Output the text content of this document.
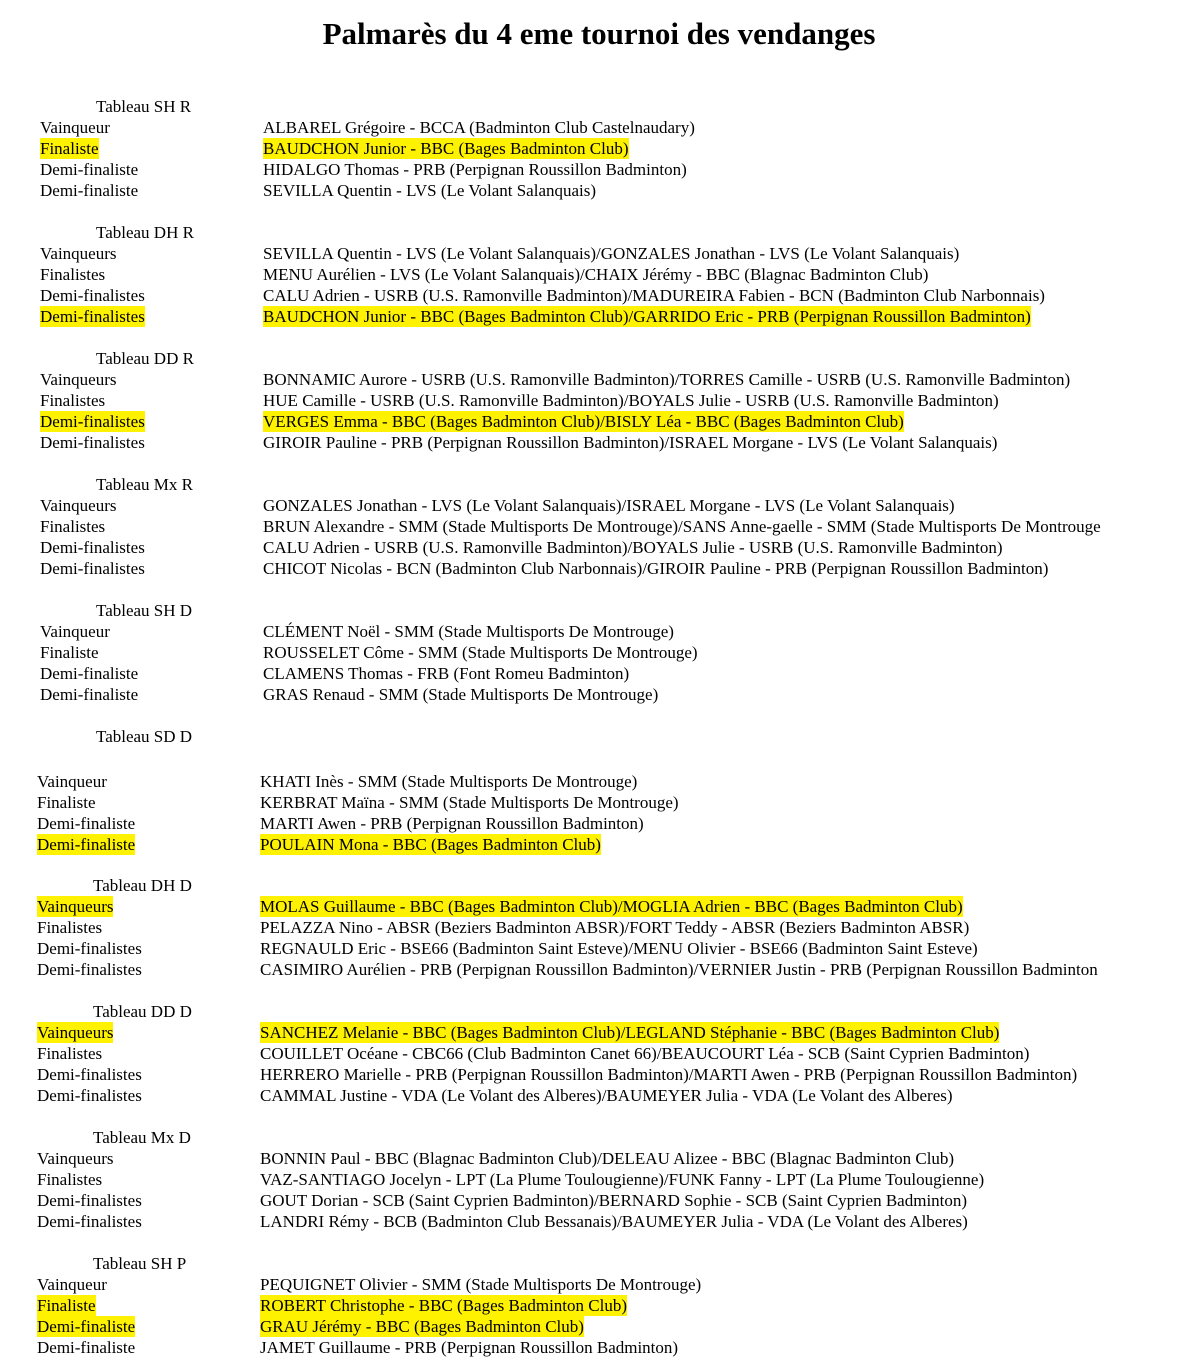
Palmarès du 4 eme tournoi des vendanges
Tableau SH R
Vainqueur	ALBAREL Grégoire - BCCA (Badminton Club Castelnaudary)
Finaliste	BAUDCHON Junior - BBC (Bages Badminton Club)
Demi-finaliste	HIDALGO Thomas - PRB (Perpignan Roussillon Badminton)
Demi-finaliste	SEVILLA Quentin - LVS (Le Volant Salanquais)
Tableau DH R
Vainqueurs	SEVILLA Quentin - LVS (Le Volant Salanquais)/GONZALES Jonathan - LVS (Le Volant Salanquais)
Finalistes	MENU Aurélien - LVS (Le Volant Salanquais)/CHAIX Jérémy - BBC (Blagnac Badminton Club)
Demi-finalistes	CALU Adrien - USRB (U.S. Ramonville Badminton)/MADUREIRA Fabien - BCN (Badminton Club Narbonnais)
Demi-finalistes	BAUDCHON Junior - BBC (Bages Badminton Club)/GARRIDO Eric - PRB (Perpignan Roussillon Badminton)
Tableau DD R
Vainqueurs	BONNAMIC Aurore - USRB (U.S. Ramonville Badminton)/TORRES Camille - USRB (U.S. Ramonville Badminton)
Finalistes	HUE Camille - USRB (U.S. Ramonville Badminton)/BOYALS Julie - USRB (U.S. Ramonville Badminton)
Demi-finalistes	VERGES Emma - BBC (Bages Badminton Club)/BISLY Léa - BBC (Bages Badminton Club)
Demi-finalistes	GIROIR Pauline - PRB (Perpignan Roussillon Badminton)/ISRAEL Morgane - LVS (Le Volant Salanquais)
Tableau Mx R
Vainqueurs	GONZALES Jonathan - LVS (Le Volant Salanquais)/ISRAEL Morgane - LVS (Le Volant Salanquais)
Finalistes	BRUN Alexandre - SMM (Stade Multisports De Montrouge)/SANS Anne-gaelle - SMM (Stade Multisports De Montrouge
Demi-finalistes	CALU Adrien - USRB (U.S. Ramonville Badminton)/BOYALS Julie - USRB (U.S. Ramonville Badminton)
Demi-finalistes	CHICOT Nicolas - BCN (Badminton Club Narbonnais)/GIROIR Pauline - PRB (Perpignan Roussillon Badminton)
Tableau SH D
Vainqueur	CLÉMENT Noël - SMM (Stade Multisports De Montrouge)
Finaliste	ROUSSELET Côme - SMM (Stade Multisports De Montrouge)
Demi-finaliste	CLAMENS Thomas - FRB (Font Romeu Badminton)
Demi-finaliste	GRAS Renaud - SMM (Stade Multisports De Montrouge)
Tableau SD D
Vainqueur	KHATI Inès - SMM (Stade Multisports De Montrouge)
Finaliste	KERBRAT Maïna - SMM (Stade Multisports De Montrouge)
Demi-finaliste	MARTI Awen - PRB (Perpignan Roussillon Badminton)
Demi-finaliste	POULAIN Mona - BBC (Bages Badminton Club)
Tableau DH D
Vainqueurs	MOLAS Guillaume - BBC (Bages Badminton Club)/MOGLIA Adrien - BBC (Bages Badminton Club)
Finalistes	PELAZZA Nino - ABSR (Beziers Badminton ABSR)/FORT Teddy - ABSR (Beziers Badminton ABSR)
Demi-finalistes	REGNAULD Eric - BSE66 (Badminton Saint Esteve)/MENU Olivier - BSE66 (Badminton Saint Esteve)
Demi-finalistes	CASIMIRO Aurélien - PRB (Perpignan Roussillon Badminton)/VERNIER Justin - PRB (Perpignan Roussillon Badminton
Tableau DD D
Vainqueurs	SANCHEZ Melanie - BBC (Bages Badminton Club)/LEGLAND Stéphanie - BBC (Bages Badminton Club)
Finalistes	COUILLET Océane - CBC66 (Club Badminton Canet 66)/BEAUCOURT Léa - SCB (Saint Cyprien Badminton)
Demi-finalistes	HERRERO Marielle - PRB (Perpignan Roussillon Badminton)/MARTI Awen - PRB (Perpignan Roussillon Badminton)
Demi-finalistes	CAMMAL Justine - VDA (Le Volant des Alberes)/BAUMEYER Julia - VDA (Le Volant des Alberes)
Tableau Mx D
Vainqueurs	BONNIN Paul - BBC (Blagnac Badminton Club)/DELEAU Alizee - BBC (Blagnac Badminton Club)
Finalistes	VAZ-SANTIAGO Jocelyn - LPT (La Plume Toulougienne)/FUNK Fanny - LPT (La Plume Toulougienne)
Demi-finalistes	GOUT Dorian - SCB (Saint Cyprien Badminton)/BERNARD Sophie - SCB (Saint Cyprien Badminton)
Demi-finalistes	LANDRI Rémy - BCB (Badminton Club Bessanais)/BAUMEYER Julia - VDA (Le Volant des Alberes)
Tableau SH P
Vainqueur	PEQUIGNET Olivier - SMM (Stade Multisports De Montrouge)
Finaliste	ROBERT Christophe - BBC (Bages Badminton Club)
Demi-finaliste	GRAU Jérémy - BBC (Bages Badminton Club)
Demi-finaliste	JAMET Guillaume - PRB (Perpignan Roussillon Badminton)
